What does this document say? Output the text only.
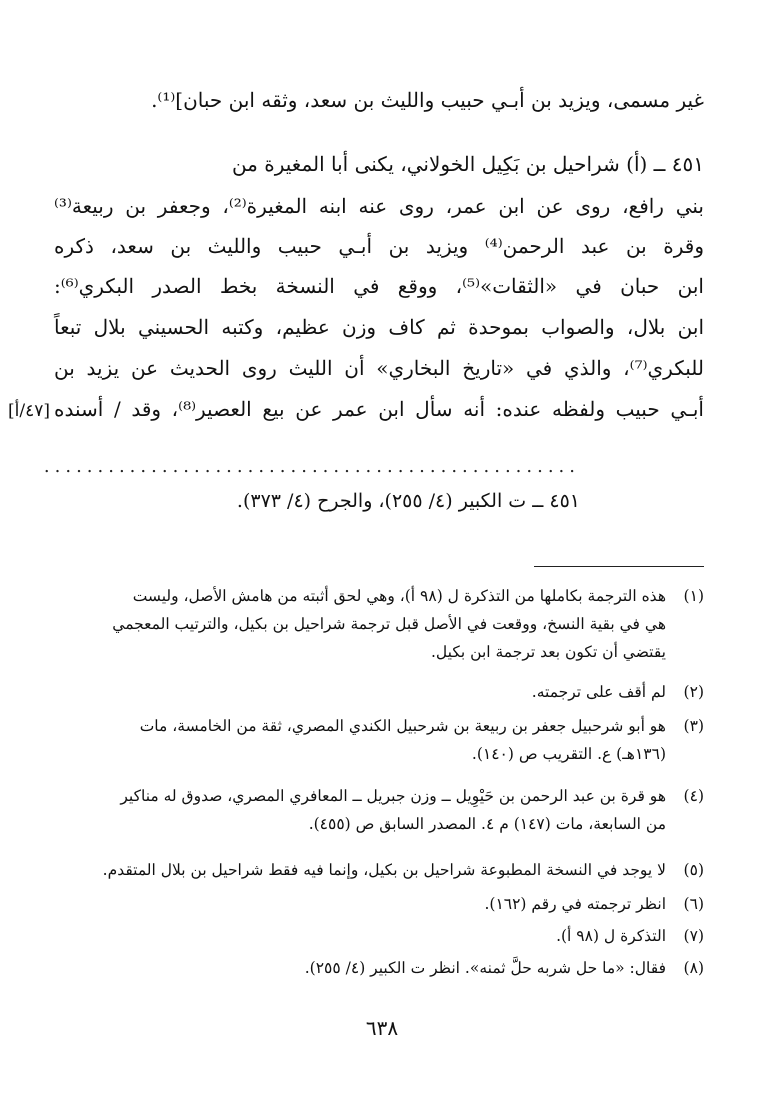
غير مسمى، ويزيد بن أبـي حبيب والليث بن سعد، وثقه ابن حبان]⁽¹⁾.
٤٥١ ــ (أ) شراحيل بن بَكِيل الخولاني، يكنى أبا المغيرة من
بني رافع، روى عن ابن عمر، روى عنه ابنه المغيرة⁽²⁾، وجعفر بن ربيعة⁽³⁾
وقرة بن عبد الرحمن⁽⁴⁾ ويزيد بن أبـي حبيب والليث بن سعد، ذكره
ابن حبان في «الثقات»⁽⁵⁾، ووقع في النسخة بخط الصدر البكري⁽⁶⁾:
ابن بلال، والصواب بموحدة ثم كاف وزن عظيم، وكتبه الحسيني بلال تبعاً
للبكري⁽⁷⁾، والذي في «تاريخ البخاري» أن الليث روى الحديث عن يزيد بن
أبـي حبيب ولفظه عنده: أنه سأل ابن عمر عن بيع العصير⁽⁸⁾، وقد / أسنده
[٤٧/أ]
..................................................
٤٥١ ــ ت الكبير (٤/ ٢٥٥)، والجرح (٤/ ٣٧٣).
(١)
هذه الترجمة بكاملها من التذكرة ل (٩٨ أ)، وهي لحق أثبته من هامش الأصل، وليست
هي في بقية النسخ، ووقعت في الأصل قبل ترجمة شراحيل بن بكيل، والترتيب المعجمي
يقتضي أن تكون بعد ترجمة ابن بكيل.
(٢)
لم أقف على ترجمته.
(٣)
هو أبو شرحبيل جعفر بن ربيعة بن شرحبيل الكندي المصري، ثقة من الخامسة، مات
(١٣٦هـ) ع. التقريب ص (١٤٠).
(٤)
هو قرة بن عبد الرحمن بن حَيْوِيل ــ وزن جبريل ــ المعافري المصري، صدوق له مناكير
من السابعة، مات (١٤٧) م ٤. المصدر السابق ص (٤٥٥).
(٥)
لا يوجد في النسخة المطبوعة شراحيل بن بكيل، وإنما فيه فقط شراحيل بن بلال المتقدم.
(٦)
انظر ترجمته في رقم (١٦٢).
(٧)
التذكرة ل (٩٨ أ).
(٨)
فقال: «ما حل شربه حلَّ ثمنه». انظر ت الكبير (٤/ ٢٥٥).
٦٣٨
